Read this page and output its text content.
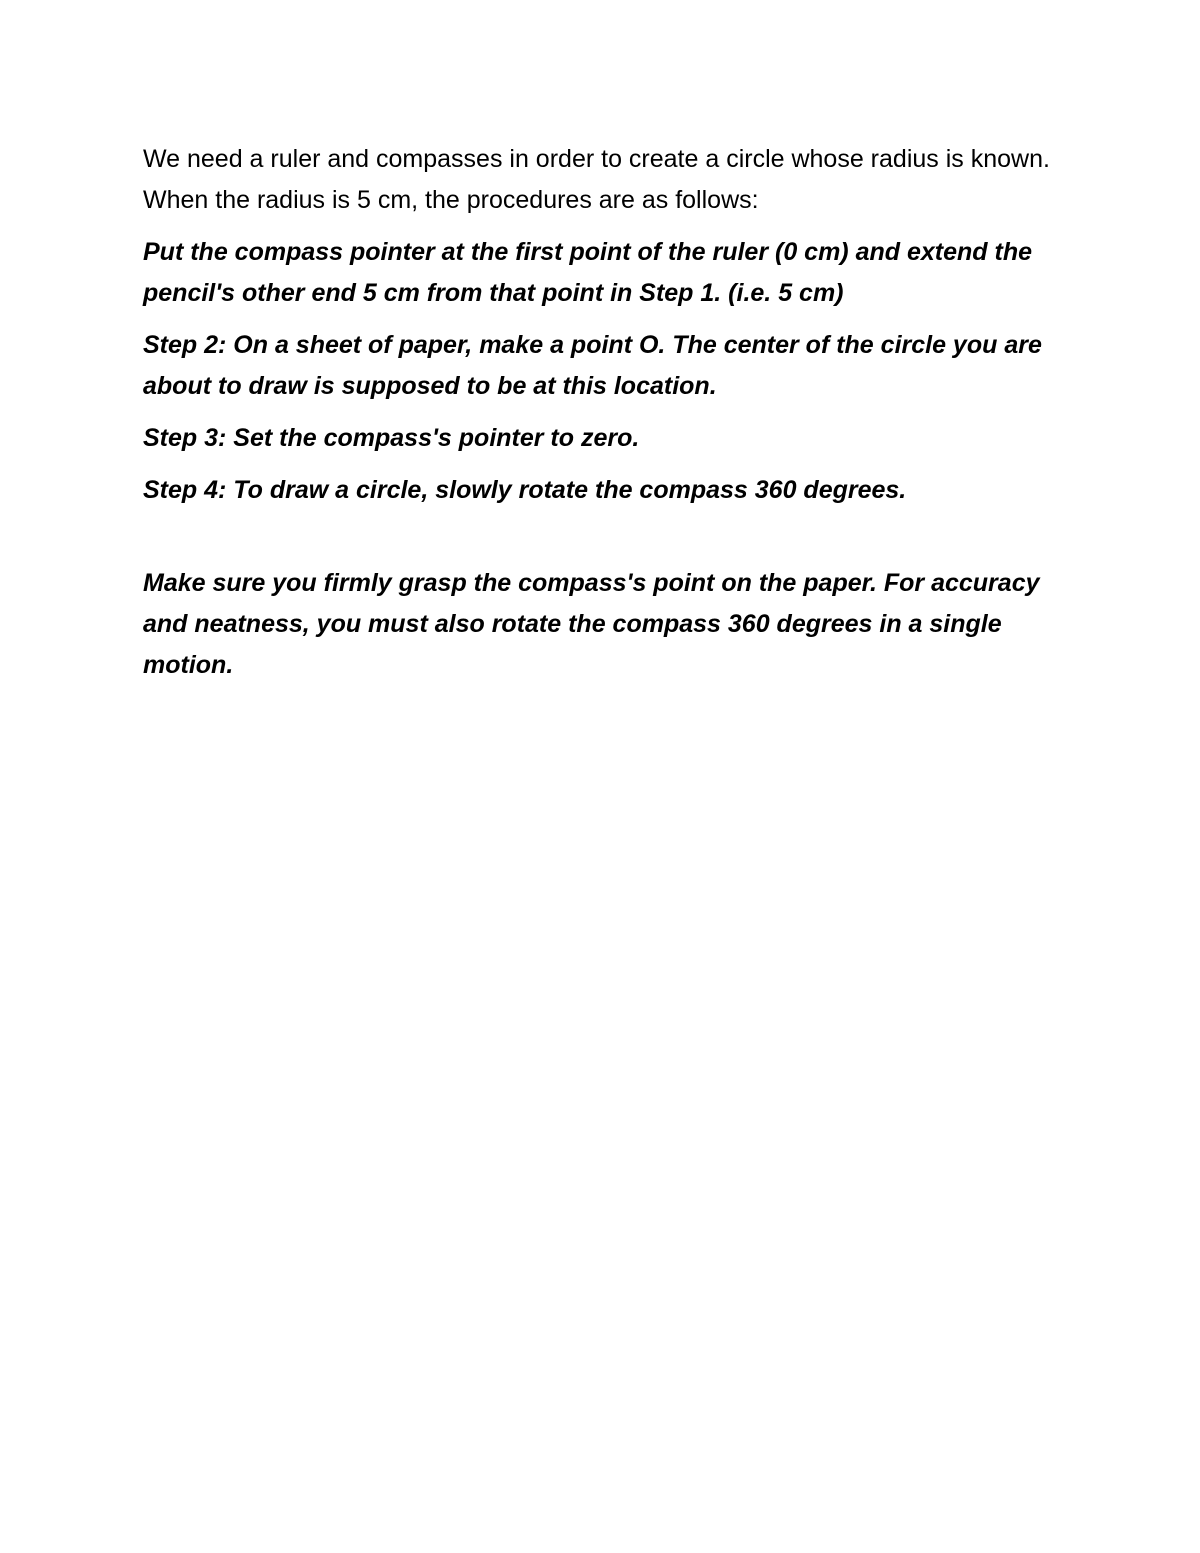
We need a ruler and compasses in order to create a circle whose radius is known. When the radius is 5 cm, the procedures are as follows:

Put the compass pointer at the first point of the ruler (0 cm) and extend the pencil's other end 5 cm from that point in Step 1. (i.e. 5 cm)

Step 2: On a sheet of paper, make a point O. The center of the circle you are about to draw is supposed to be at this location.

Step 3: Set the compass's pointer to zero.

Step 4: To draw a circle, slowly rotate the compass 360 degrees.

Make sure you firmly grasp the compass's point on the paper. For accuracy and neatness, you must also rotate the compass 360 degrees in a single motion.
